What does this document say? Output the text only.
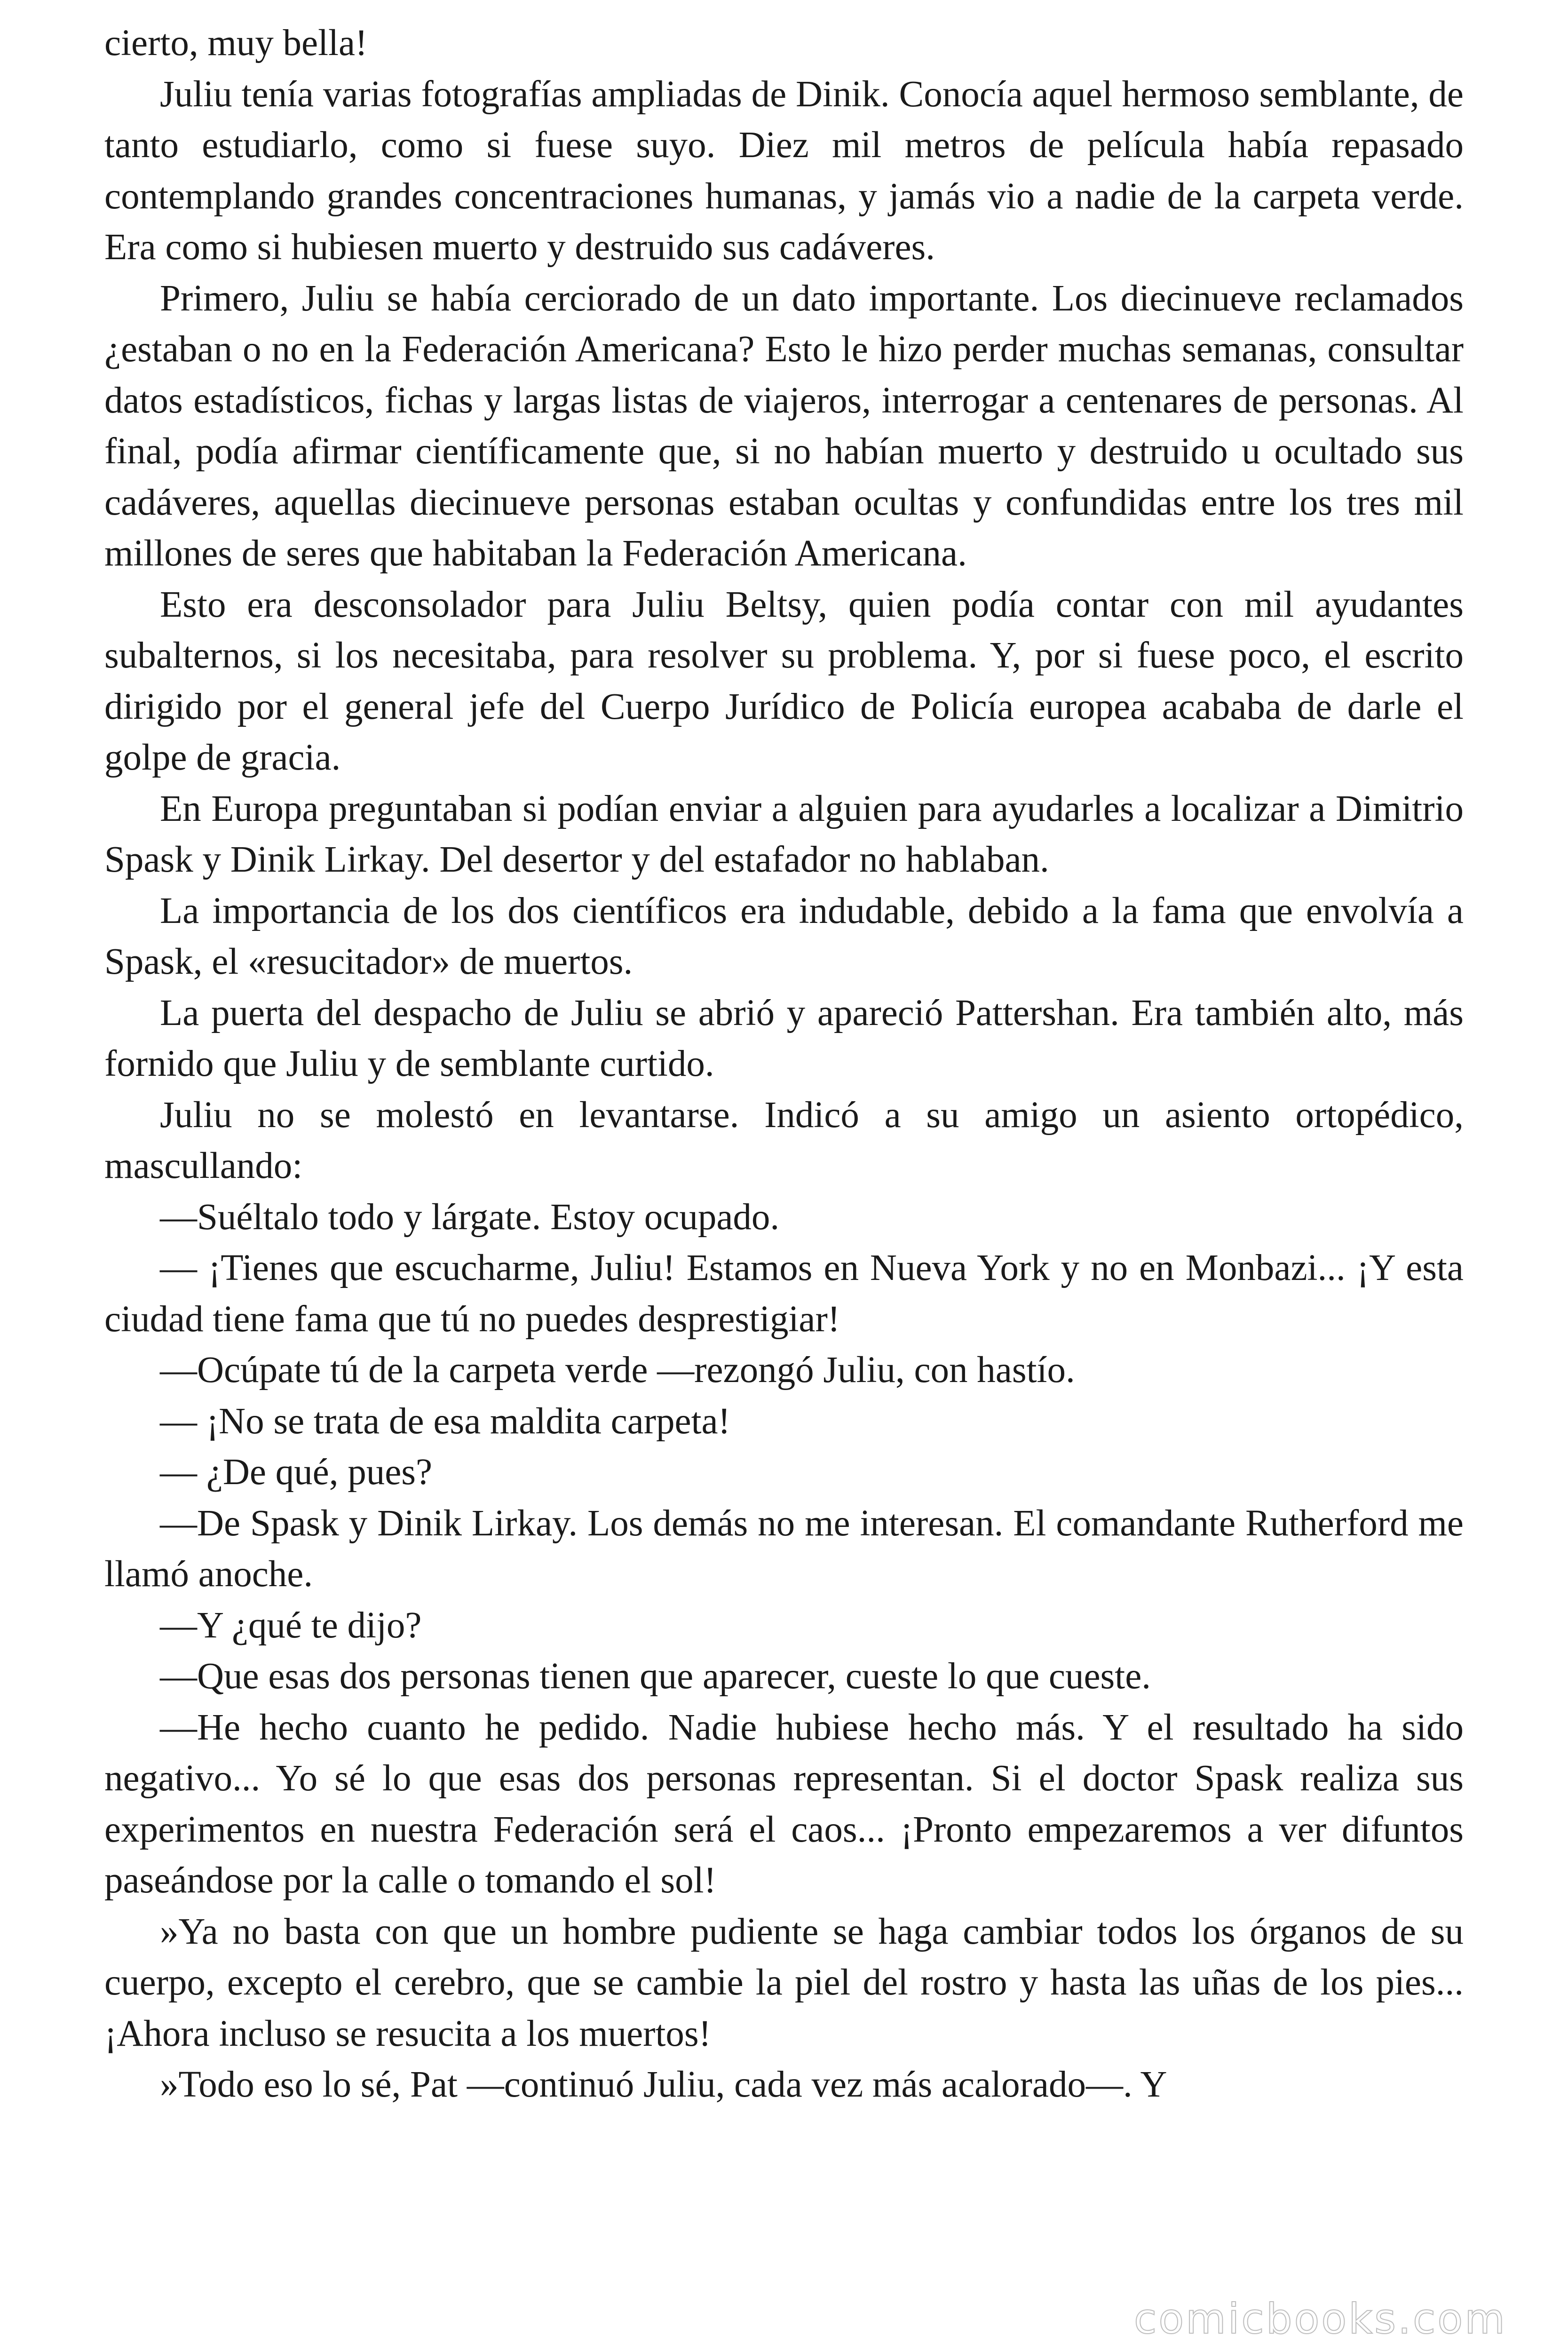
cierto, muy bella!

Juliu tenía varias fotografías ampliadas de Dinik. Conocía aquel hermoso semblante, de tanto estudiarlo, como si fuese suyo. Diez mil metros de película había repasado contemplando grandes concentraciones humanas, y jamás vio a nadie de la carpeta verde. Era como si hubiesen muerto y destruido sus cadáveres.

Primero, Juliu se había cerciorado de un dato importante. Los diecinueve reclamados ¿estaban o no en la Federación Americana? Esto le hizo perder muchas semanas, consultar datos estadísticos, fichas y largas listas de viajeros, interrogar a centenares de personas. Al final, podía afirmar científicamente que, si no habían muerto y destruido u ocultado sus cadáveres, aquellas diecinueve personas estaban ocultas y confundidas entre los tres mil millones de seres que habitaban la Federación Americana.

Esto era desconsolador para Juliu Beltsy, quien podía contar con mil ayudantes subalternos, si los necesitaba, para resolver su problema. Y, por si fuese poco, el escrito dirigido por el general jefe del Cuerpo Jurídico de Policía europea acababa de darle el golpe de gracia.

En Europa preguntaban si podían enviar a alguien para ayudarles a localizar a Dimitrio Spask y Dinik Lirkay. Del desertor y del estafador no hablaban.

La importancia de los dos científicos era indudable, debido a la fama que envolvía a Spask, el «resucitador» de muertos.

La puerta del despacho de Juliu se abrió y apareció Pattershan. Era también alto, más fornido que Juliu y de semblante curtido.

Juliu no se molestó en levantarse. Indicó a su amigo un asiento ortopédico, mascullando:

—Suéltalo todo y lárgate. Estoy ocupado.

— ¡Tienes que escucharme, Juliu! Estamos en Nueva York y no en Monbazi... ¡Y esta ciudad tiene fama que tú no puedes desprestigiar!

—Ocúpate tú de la carpeta verde —rezongó Juliu, con hastío.

— ¡No se trata de esa maldita carpeta!

— ¿De qué, pues?

—De Spask y Dinik Lirkay. Los demás no me interesan. El comandante Rutherford me llamó anoche.

—Y ¿qué te dijo?

—Que esas dos personas tienen que aparecer, cueste lo que cueste.

—He hecho cuanto he pedido. Nadie hubiese hecho más. Y el resultado ha sido negativo... Yo sé lo que esas dos personas representan. Si el doctor Spask realiza sus experimentos en nuestra Federación será el caos... ¡Pronto empezaremos a ver difuntos paseándose por la calle o tomando el sol!

»Ya no basta con que un hombre pudiente se haga cambiar todos los órganos de su cuerpo, excepto el cerebro, que se cambie la piel del rostro y hasta las uñas de los pies... ¡Ahora incluso se resucita a los muertos!

»Todo eso lo sé, Pat —continuó Juliu, cada vez más acalorado—. Y

comicbooks.com
